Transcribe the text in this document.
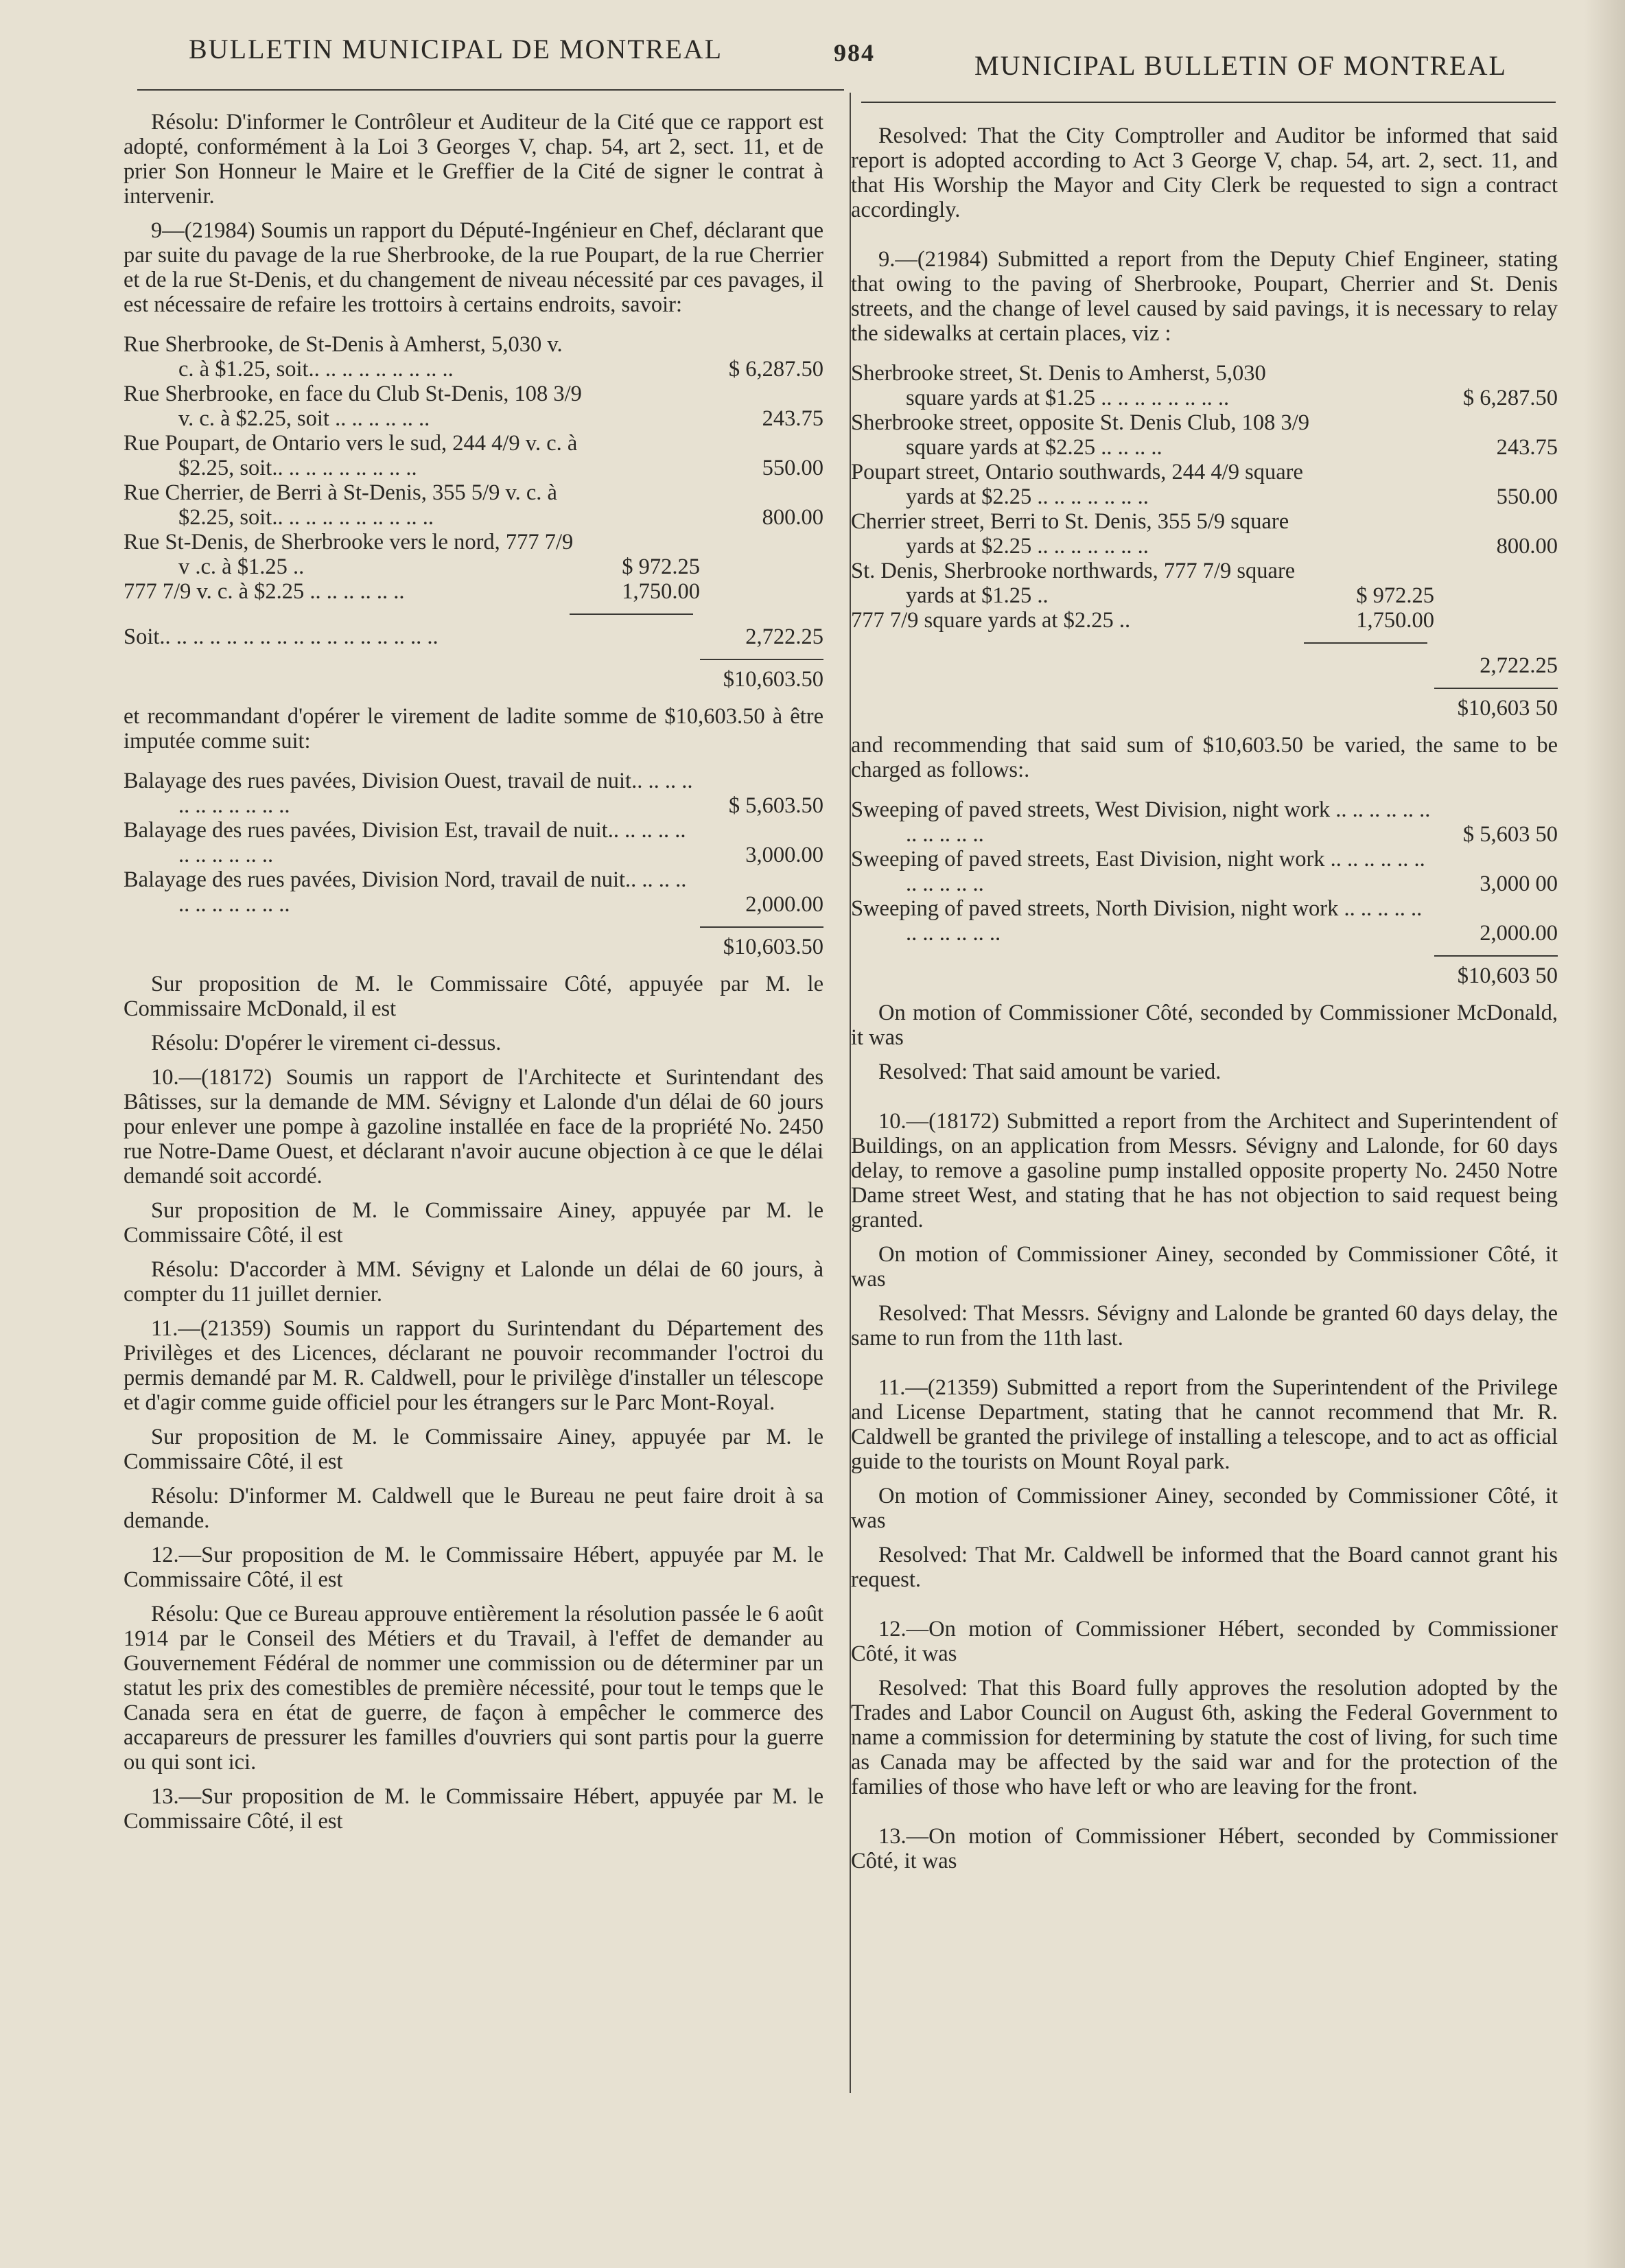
BULLETIN MUNICIPAL DE MONTREAL	984	MUNICIPAL BULLETIN OF MONTREAL

Résolu: D'informer le Contrôleur et Auditeur de la Cité que ce rapport est adopté, conformément à la Loi 3 Georges V, chap. 54, art 2, sect. 11, et de prier Son Honneur le Maire et le Greffier de la Cité de signer le contrat à intervenir.

9—(21984) Soumis un rapport du Député-Ingénieur en Chef, déclarant que par suite du pavage de la rue Sherbrooke, de la rue Poupart, de la rue Cherrier et de la rue St-Denis, et du changement de niveau nécessité par ces pavages, il est nécessaire de refaire les trottoirs à certains endroits, savoir:

Rue Sherbrooke, de St-Denis à Amherst, 5,030 v. c. à $1.25, soit.. .. .. .. .. .. .. .. ..	$ 6,287.50
Rue Sherbrooke, en face du Club St-Denis, 108 3/9 v. c. à $2.25, soit .. .. .. .. .. ..	243.75
Rue Poupart, de Ontario vers le sud, 244 4/9 v. c. à $2.25, soit.. .. .. .. .. .. .. .. ..	550.00
Rue Cherrier, de Berri à St-Denis, 355 5/9 v. c. à $2.25, soit.. .. .. .. .. .. .. .. .. ..	800.00
Rue St-Denis, de Sherbrooke vers le nord, 777 7/9 v .c. à $1.25 ..	$ 972.25
777 7/9 v. c. à $2.25 .. .. .. .. .. ..	1,750.00
Soit.. .. .. .. .. .. .. .. .. .. .. .. .. .. .. .. ..	2,722.25
$10,603.50

et recommandant d'opérer le virement de ladite somme de $10,603.50 à être imputée comme suit:

Balayage des rues pavées, Division Ouest, travail de nuit.. .. .. .. .. .. .. .. .. .. ..	$ 5,603.50
Balayage des rues pavées, Division Est, travail de nuit.. .. .. .. .. .. .. .. .. .. ..	3,000.00
Balayage des rues pavées, Division Nord, travail de nuit.. .. .. .. .. .. .. .. .. .. ..	2,000.00
$10,603.50

Sur proposition de M. le Commissaire Côté, appuyée par M. le Commissaire McDonald, il est

Résolu: D'opérer le virement ci-dessus.

10.—(18172) Soumis un rapport de l'Architecte et Surintendant des Bâtisses, sur la demande de MM. Sévigny et Lalonde d'un délai de 60 jours pour enlever une pompe à gazoline installée en face de la propriété No. 2450 rue Notre-Dame Ouest, et déclarant n'avoir aucune objection à ce que le délai demandé soit accordé.

Sur proposition de M. le Commissaire Ainey, appuyée par M. le Commissaire Côté, il est

Résolu: D'accorder à MM. Sévigny et Lalonde un délai de 60 jours, à compter du 11 juillet dernier.

11.—(21359) Soumis un rapport du Surintendant du Département des Privilèges et des Licences, déclarant ne pouvoir recommander l'octroi du permis demandé par M. R. Caldwell, pour le privilège d'installer un télescope et d'agir comme guide officiel pour les étrangers sur le Parc Mont-Royal.

Sur proposition de M. le Commissaire Ainey, appuyée par M. le Commissaire Côté, il est

Résolu: D'informer M. Caldwell que le Bureau ne peut faire droit à sa demande.

12.—Sur proposition de M. le Commissaire Hébert, appuyée par M. le Commissaire Côté, il est

Résolu: Que ce Bureau approuve entièrement la résolution passée le 6 août 1914 par le Conseil des Métiers et du Travail, à l'effet de demander au Gouvernement Fédéral de nommer une commission ou de déterminer par un statut les prix des comestibles de première nécessité, pour tout le temps que le Canada sera en état de guerre, de façon à empêcher le commerce des accapareurs de pressurer les familles d'ouvriers qui sont partis pour la guerre ou qui sont ici.

13.—Sur proposition de M. le Commissaire Hébert, appuyée par M. le Commissaire Côté, il est

Resolved: That the City Comptroller and Auditor be informed that said report is adopted according to Act 3 George V, chap. 54, art. 2, sect. 11, and that His Worship the Mayor and City Clerk be requested to sign a contract accordingly.

9.—(21984) Submitted a report from the Deputy Chief Engineer, stating that owing to the paving of Sherbrooke, Poupart, Cherrier and St. Denis streets, and the change of level caused by said pavings, it is necessary to relay the sidewalks at certain places, viz :

Sherbrooke street, St. Denis to Amherst, 5,030 square yards at $1.25 .. .. .. .. .. .. .. ..	$ 6,287.50
Sherbrooke street, opposite St. Denis Club, 108 3/9 square yards at $2.25 .. .. .. ..	243.75
Poupart street, Ontario southwards, 244 4/9 square yards at $2.25 .. .. .. .. .. .. ..	550.00
Cherrier street, Berri to St. Denis, 355 5/9 square yards at $2.25 .. .. .. .. .. .. ..	800.00
St. Denis, Sherbrooke northwards, 777 7/9 square yards at $1.25 ..	$ 972.25
777 7/9 square yards at $2.25 ..	1,750.00
2,722.25
$10,603 50

and recommending that said sum of $10,603.50 be varied, the same to be charged as follows:.

Sweeping of paved streets, West Division, night work .. .. .. .. .. .. .. .. .. .. ..	$ 5,603 50
Sweeping of paved streets, East Division, night work .. .. .. .. .. .. .. .. .. .. ..	3,000 00
Sweeping of paved streets, North Division, night work .. .. .. .. .. .. .. .. .. .. ..	2,000.00
$10,603 50

On motion of Commissioner Côté, seconded by Commissioner McDonald, it was

Resolved: That said amount be varied.

10.—(18172) Submitted a report from the Architect and Superintendent of Buildings, on an application from Messrs. Sévigny and Lalonde, for 60 days delay, to remove a gasoline pump installed opposite property No. 2450 Notre Dame street West, and stating that he has not objection to said request being granted.

On motion of Commissioner Ainey, seconded by Commissioner Côté, it was

Resolved: That Messrs. Sévigny and Lalonde be granted 60 days delay, the same to run from the 11th last.

11.—(21359) Submitted a report from the Superintendent of the Privilege and License Department, stating that he cannot recommend that Mr. R. Caldwell be granted the privilege of installing a telescope, and to act as official guide to the tourists on Mount Royal park.

On motion of Commissioner Ainey, seconded by Commissioner Côté, it was

Resolved: That Mr. Caldwell be informed that the Board cannot grant his request.

12.—On motion of Commissioner Hébert, seconded by Commissioner Côté, it was

Resolved: That this Board fully approves the resolution adopted by the Trades and Labor Council on August 6th, asking the Federal Government to name a commission for determining by statute the cost of living, for such time as Canada may be affected by the said war and for the protection of the families of those who have left or who are leaving for the front.

13.—On motion of Commissioner Hébert, seconded by Commissioner Côté, it was
